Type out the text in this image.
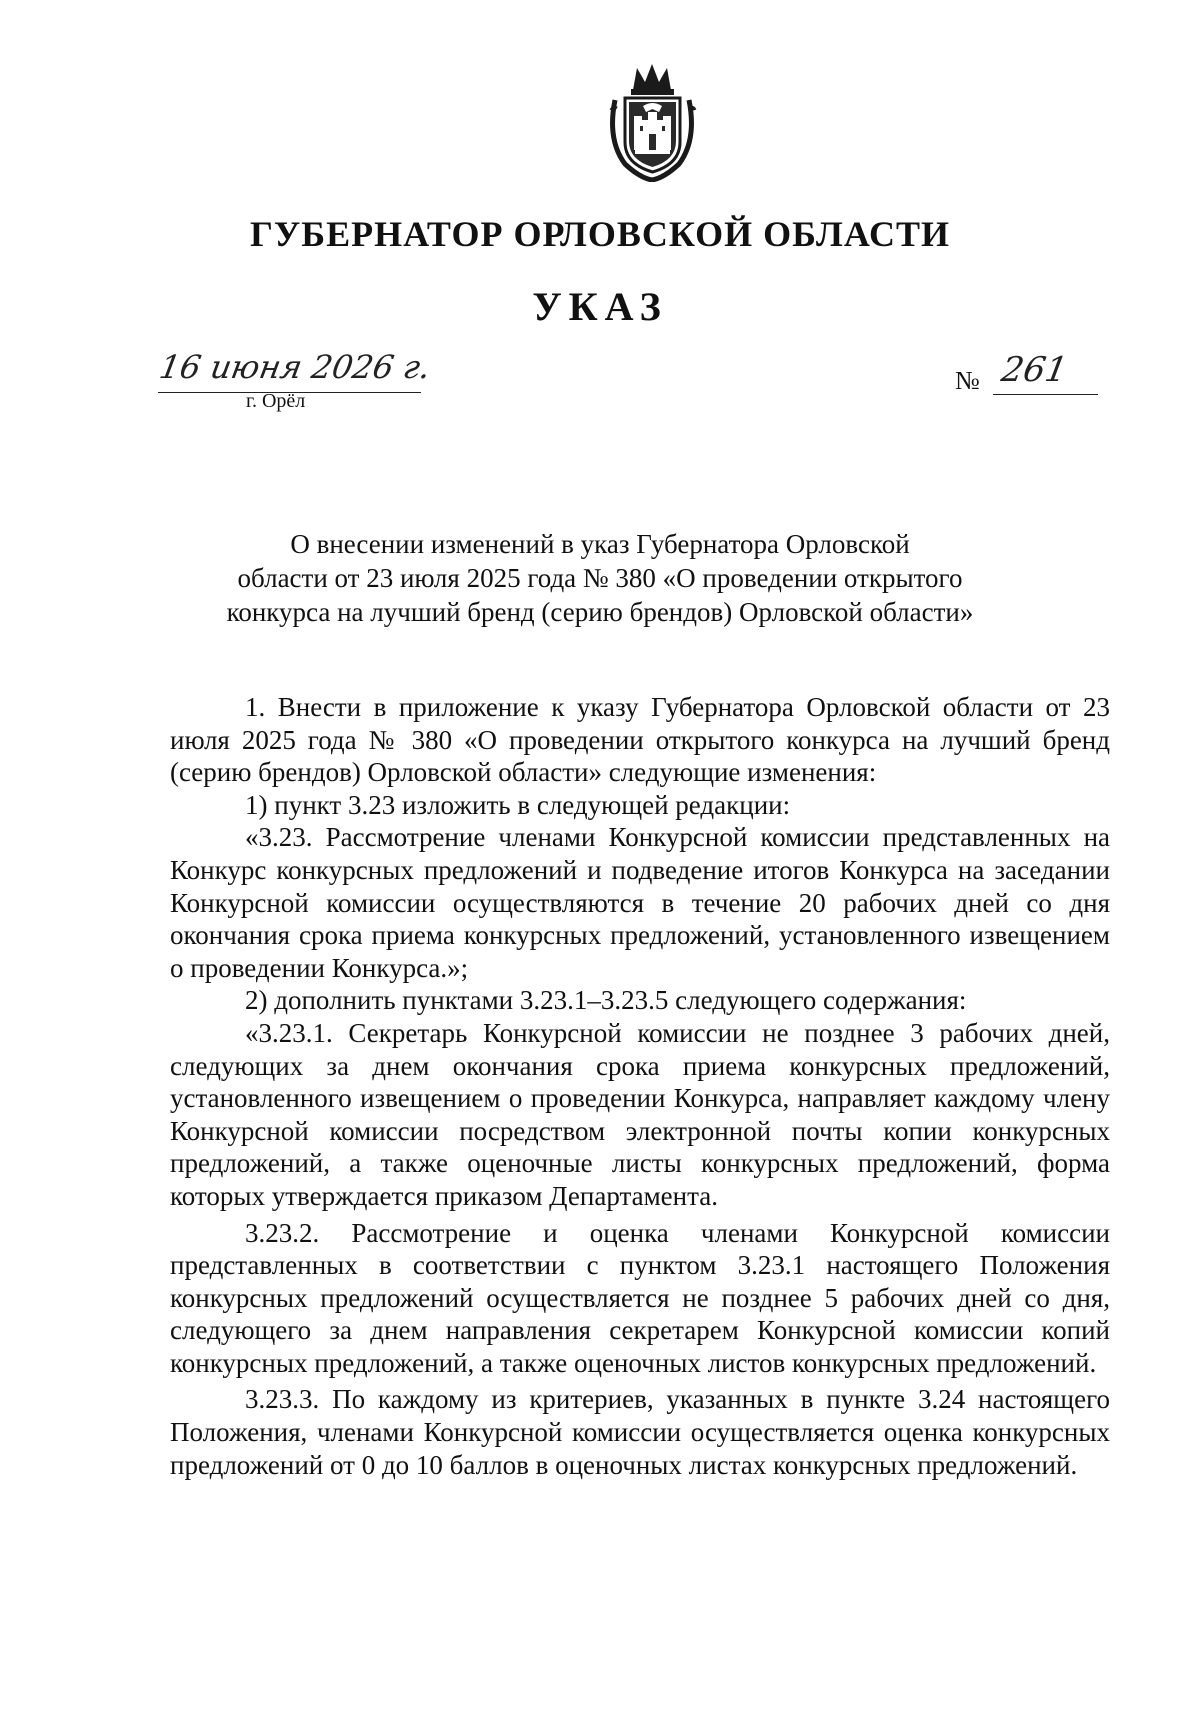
ГУБЕРНАТОР ОРЛОВСКОЙ ОБЛАСТИ
УКАЗ
16 июня 2026 г.
г. Орёл
№ 261
О внесении изменений в указ Губернатора Орловской
области от 23 июля 2025 года № 380 «О проведении открытого
конкурса на лучший бренд (серию брендов) Орловской области»

1. Внести в приложение к указу Губернатора Орловской области от 23 июля 2025 года № 380 «О проведении открытого конкурса на лучший бренд (серию брендов) Орловской области» следующие изменения:

1) пункт 3.23 изложить в следующей редакции:

«3.23. Рассмотрение членами Конкурсной комиссии представленных на Конкурс конкурсных предложений и подведение итогов Конкурса на заседании Конкурсной комиссии осуществляются в течение 20 рабочих дней со дня окончания срока приема конкурсных предложений, установленного извещением о проведении Конкурса.»;

2) дополнить пунктами 3.23.1–3.23.5 следующего содержания:

«3.23.1. Секретарь Конкурсной комиссии не позднее 3 рабочих дней, следующих за днем окончания срока приема конкурсных предложений, установленного извещением о проведении Конкурса, направляет каждому члену Конкурсной комиссии посредством электронной почты копии конкурсных предложений, а также оценочные листы конкурсных предложений, форма которых утверждается приказом Департамента.

3.23.2. Рассмотрение и оценка членами Конкурсной комиссии представленных в соответствии с пунктом 3.23.1 настоящего Положения конкурсных предложений осуществляется не позднее 5 рабочих дней со дня, следующего за днем направления секретарем Конкурсной комиссии копий конкурсных предложений, а также оценочных листов конкурсных предложений.

3.23.3. По каждому из критериев, указанных в пункте 3.24 настоящего Положения, членами Конкурсной комиссии осуществляется оценка конкурсных предложений от 0 до 10 баллов в оценочных листах конкурсных предложений.
